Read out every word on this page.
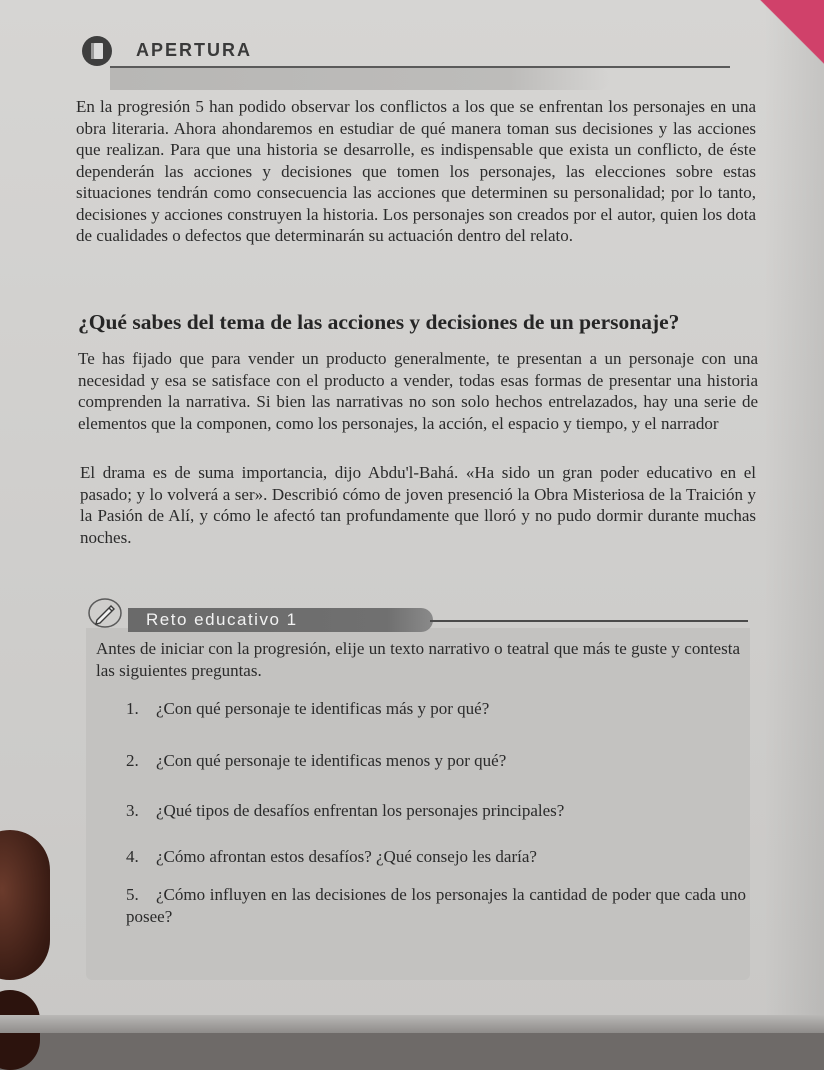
APERTURA

En la progresión 5 han podido observar los conflictos a los que se enfrentan los personajes en una obra literaria. Ahora ahondaremos en estudiar de qué manera toman sus decisiones y las acciones que realizan. Para que una historia se desarrolle, es indispensable que exista un conflicto, de éste dependerán las acciones y decisiones que tomen los personajes, las elecciones sobre estas situaciones tendrán como consecuencia las acciones que determinen su personalidad; por lo tanto, decisiones y acciones construyen la historia. Los personajes son creados por el autor, quien los dota de cualidades o defectos que determinarán su actuación dentro del relato.

¿Qué sabes del tema de las acciones y decisiones de un personaje?

Te has fijado que para vender un producto generalmente, te presentan a un personaje con una necesidad y esa se satisface con el producto a vender, todas esas formas de presentar una historia comprenden la narrativa. Si bien las narrativas no son solo hechos entrelazados, hay una serie de elementos que la componen, como los personajes, la acción, el espacio y tiempo, y el narrador

El drama es de suma importancia, dijo Abdu'l-Bahá. «Ha sido un gran poder educativo en el pasado; y lo volverá a ser». Describió cómo de joven presenció la Obra Misteriosa de la Traición y la Pasión de Alí, y cómo le afectó tan profundamente que lloró y no pudo dormir durante muchas noches.

Reto educativo 1

Antes de iniciar con la progresión, elije un texto narrativo o teatral que más te guste y contesta las siguientes preguntas.

1. ¿Con qué personaje te identificas más y por qué?
2. ¿Con qué personaje te identificas menos y por qué?
3. ¿Qué tipos de desafíos enfrentan los personajes principales?
4. ¿Cómo afrontan estos desafíos? ¿Qué consejo les daría?
5. ¿Cómo influyen en las decisiones de los personajes la cantidad de poder que cada uno posee?
